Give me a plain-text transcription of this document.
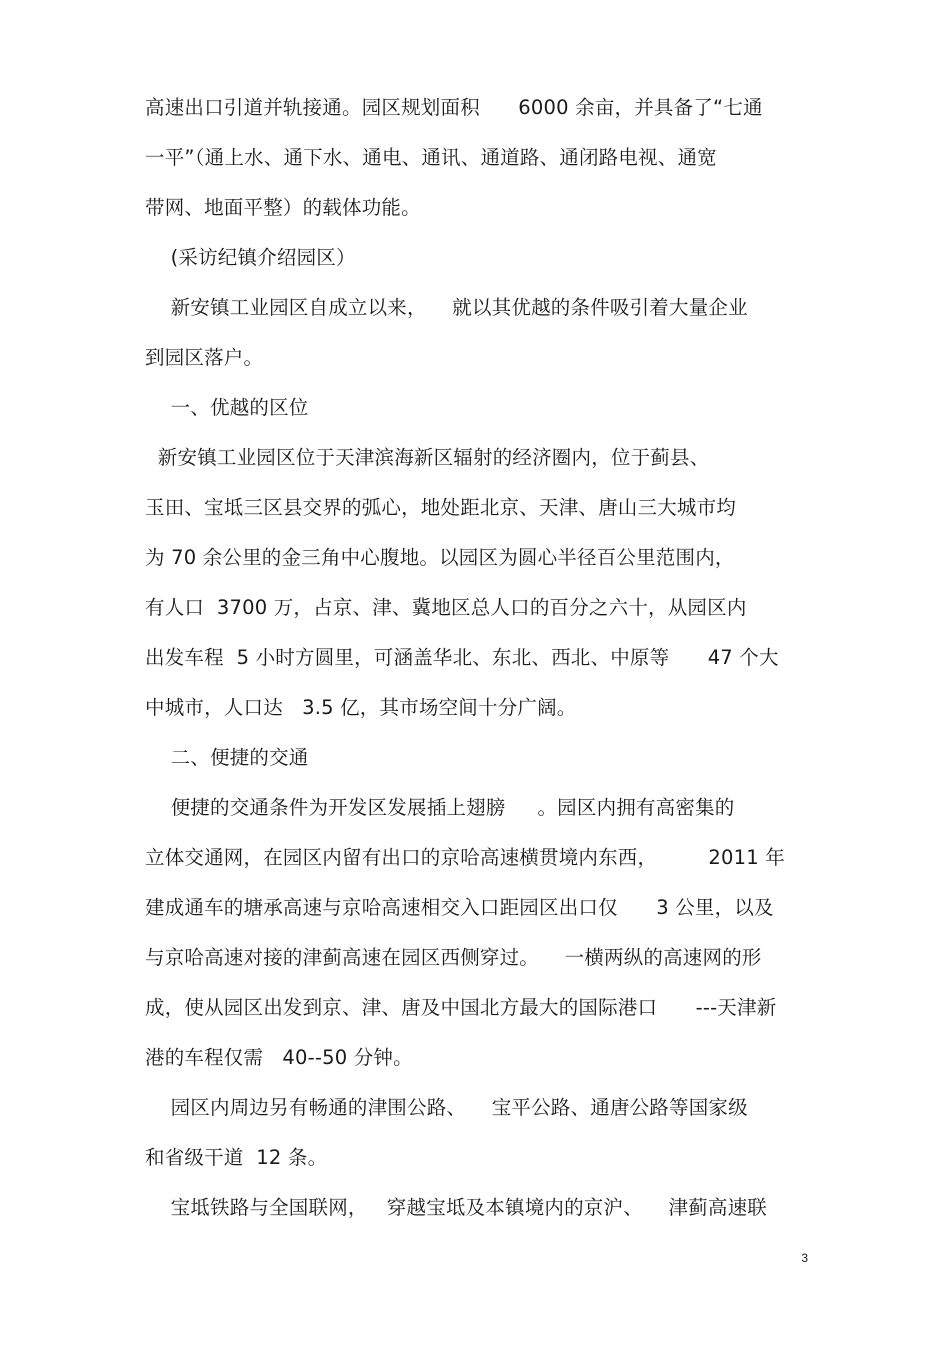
高速出口引道并轨接通。园区规划面积      6000 余亩，并具备了“七通
一平”（通上水、通下水、通电、通讯、通道路、通闭路电视、通宽
带网、地面平整）的载体功能。
(采访纪镇介绍园区）
新安镇工业园区自成立以来，    就以其优越的条件吸引着大量企业
到园区落户。
一、优越的区位
新安镇工业园区位于天津滨海新区辐射的经济圈内，位于蓟县、
玉田、宝坻三区县交界的弧心，地处距北京、天津、唐山三大城市均
为 70 余公里的金三角中心腹地。以园区为圆心半径百公里范围内，
有人口  3700 万，占京、津、冀地区总人口的百分之六十，从园区内
出发车程  5 小时方圆里，可涵盖华北、东北、西北、中原等      47 个大
中城市，人口达   3.5 亿，其市场空间十分广阔。
二、便捷的交通
便捷的交通条件为开发区发展插上翅膀     。园区内拥有高密集的
立体交通网，在园区内留有出口的京哈高速横贯境内东西，        2011 年
建成通车的塘承高速与京哈高速相交入口距园区出口仅      3 公里，以及
与京哈高速对接的津蓟高速在园区西侧穿过。    一横两纵的高速网的形
成，使从园区出发到京、津、唐及中国北方最大的国际港口      ---天津新
港的车程仅需   40--50 分钟。
园区内周边另有畅通的津围公路、    宝平公路、通唐公路等国家级
和省级干道  12 条。
宝坻铁路与全国联网，   穿越宝坻及本镇境内的京沪、    津蓟高速联
3
